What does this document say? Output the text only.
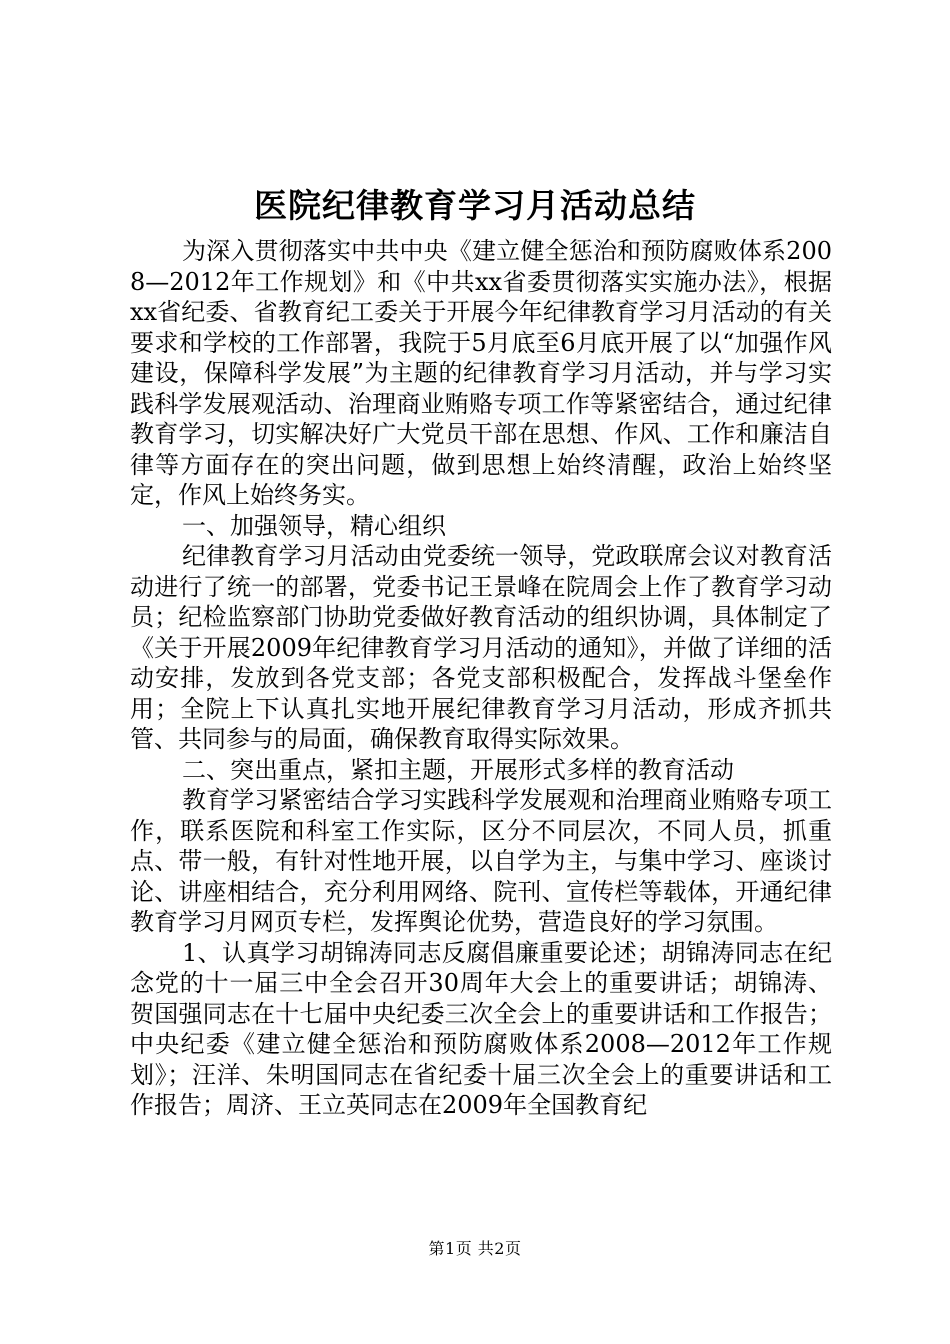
医院纪律教育学习月活动总结

为深入贯彻落实中共中央《建立健全惩治和预防腐败体系2008—2012年工作规划》和《中共xx省委贯彻落实实施办法》，根据xx省纪委、省教育纪工委关于开展今年纪律教育学习月活动的有关要求和学校的工作部署，我院于5月底至6月底开展了以“加强作风建设，保障科学发展”为主题的纪律教育学习月活动，并与学习实践科学发展观活动、治理商业贿赂专项工作等紧密结合，通过纪律教育学习，切实解决好广大党员干部在思想、作风、工作和廉洁自律等方面存在的突出问题，做到思想上始终清醒，政治上始终坚定，作风上始终务实。

一、加强领导，精心组织

纪律教育学习月活动由党委统一领导，党政联席会议对教育活动进行了统一的部署，党委书记王景峰在院周会上作了教育学习动员；纪检监察部门协助党委做好教育活动的组织协调，具体制定了《关于开展2009年纪律教育学习月活动的通知》，并做了详细的活动安排，发放到各党支部；各党支部积极配合，发挥战斗堡垒作用；全院上下认真扎实地开展纪律教育学习月活动，形成齐抓共管、共同参与的局面，确保教育取得实际效果。

二、突出重点，紧扣主题，开展形式多样的教育活动

教育学习紧密结合学习实践科学发展观和治理商业贿赂专项工作，联系医院和科室工作实际，区分不同层次，不同人员，抓重点、带一般，有针对性地开展，以自学为主，与集中学习、座谈讨论、讲座相结合，充分利用网络、院刊、宣传栏等载体，开通纪律教育学习月网页专栏，发挥舆论优势，营造良好的学习氛围。

1、认真学习胡锦涛同志反腐倡廉重要论述；胡锦涛同志在纪念党的十一届三中全会召开30周年大会上的重要讲话；胡锦涛、贺国强同志在十七届中央纪委三次全会上的重要讲话和工作报告；中央纪委《建立健全惩治和预防腐败体系2008—2012年工作规划》；汪洋、朱明国同志在省纪委十届三次全会上的重要讲话和工作报告；周济、王立英同志在2009年全国教育纪

第1页 共2页
